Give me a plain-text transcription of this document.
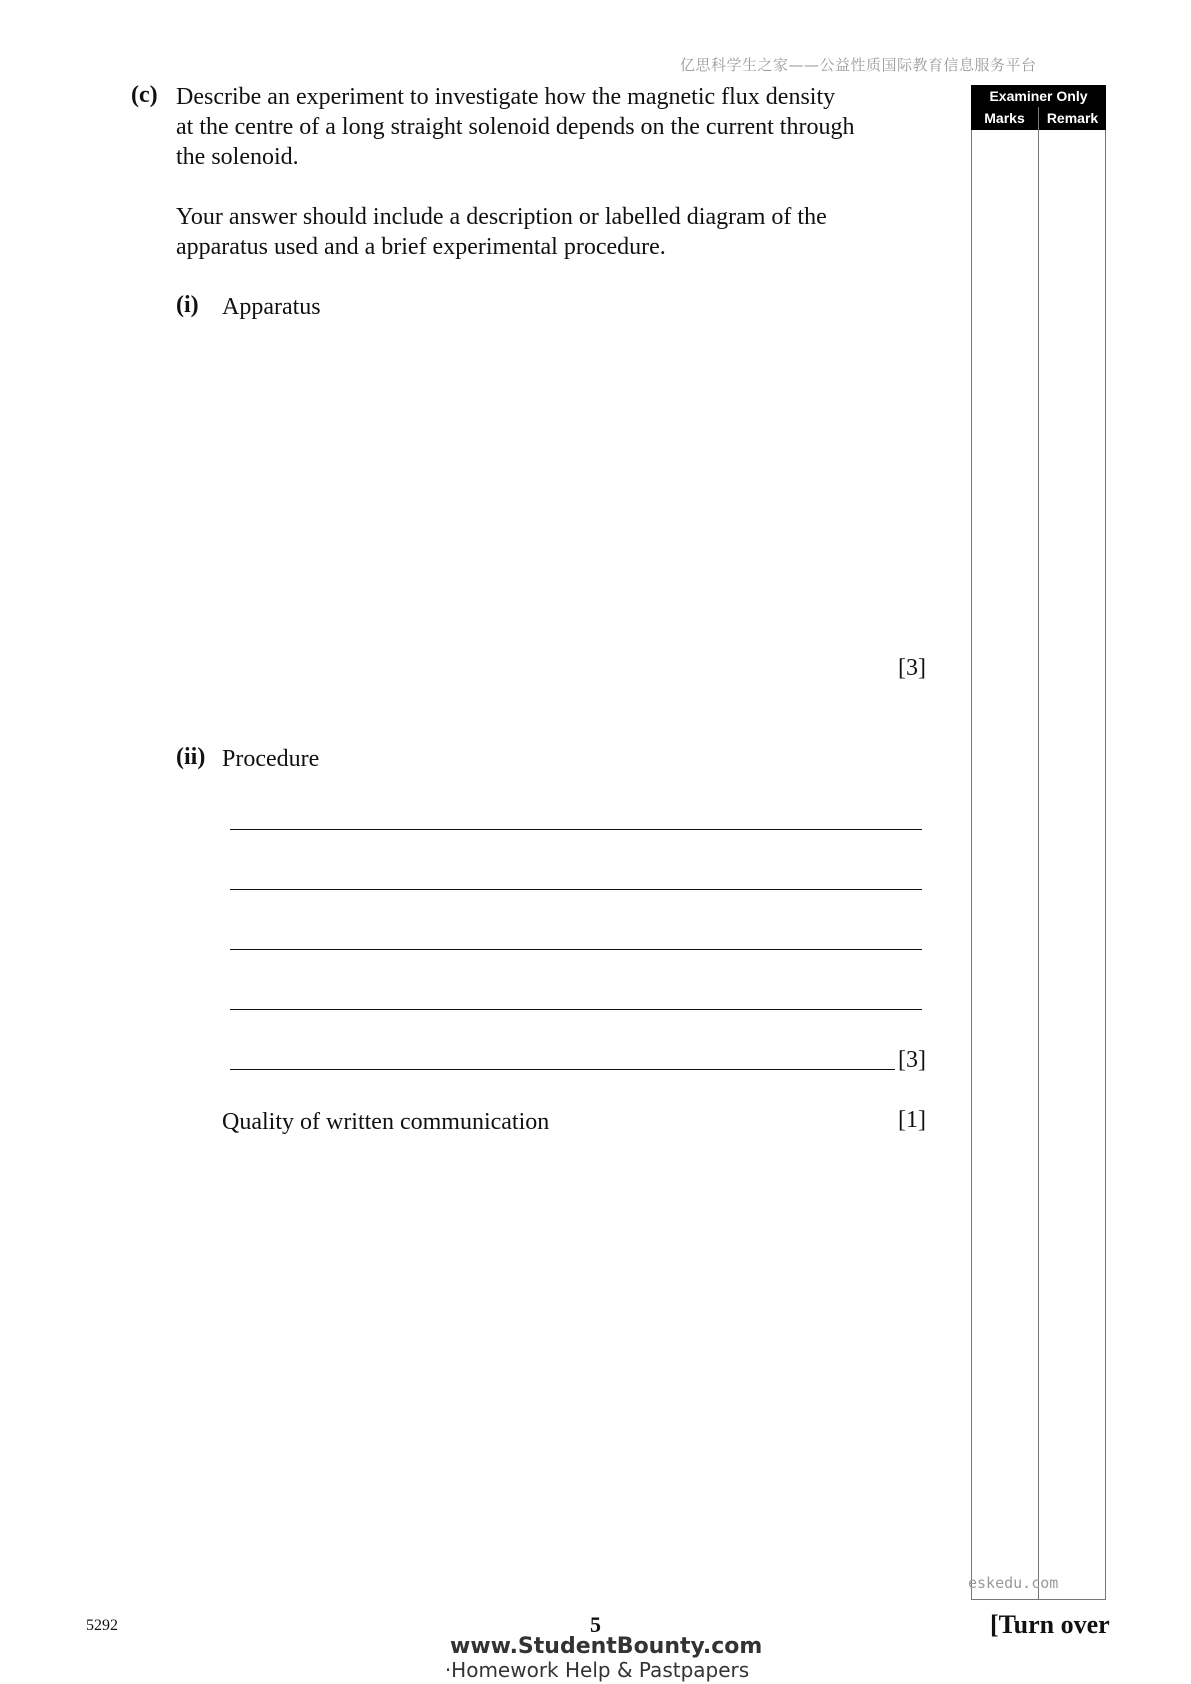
亿思科学生之家——公益性质国际教育信息服务平台
(c) Describe an experiment to investigate how the magnetic flux density
at the centre of a long straight solenoid depends on the current through
the solenoid.
Your answer should include a description or labelled diagram of the
apparatus used and a brief experimental procedure.
(i) Apparatus
[3]
(ii) Procedure
[3]
Quality of written communication	[1]
Examiner Only
Marks	Remark
eskedu.com
5292	5	[Turn over
www.StudentBounty.com
·Homework Help & Pastpapers
